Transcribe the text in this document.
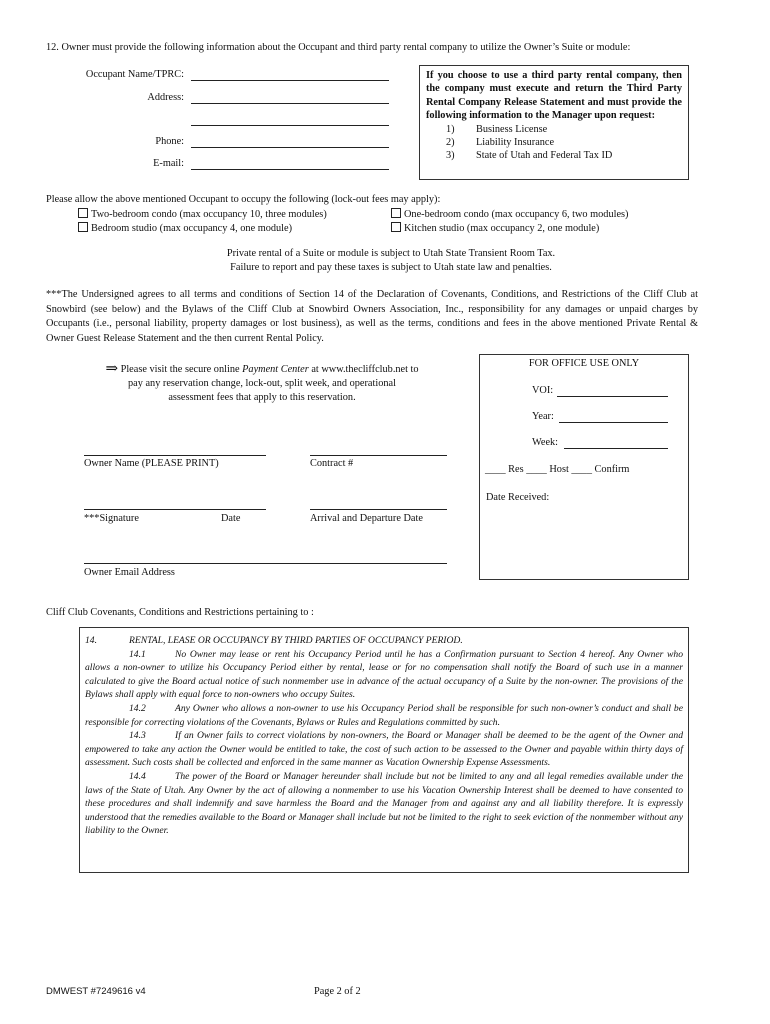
12. Owner must provide the following information about the Occupant and third party rental company to utilize the Owner’s Suite or module:
Occupant Name/TPRC:
Address:
Phone:
E-mail:
If you choose to use a third party rental company, then the company must execute and return the Third Party Rental Company Release Statement and must provide the following information to the Manager upon request:
1) Business License
2) Liability Insurance
3) State of Utah and Federal Tax ID
Please allow the above mentioned Occupant to occupy the following (lock-out fees may apply):
Two-bedroom condo (max occupancy 10, three modules)	One-bedroom condo (max occupancy 6, two modules)
Bedroom studio (max occupancy 4, one module)	Kitchen studio (max occupancy 2, one module)
Private rental of a Suite or module is subject to Utah State Transient Room Tax.
Failure to report and pay these taxes is subject to Utah state law and penalties.
***The Undersigned agrees to all terms and conditions of Section 14 of the Declaration of Covenants, Conditions, and Restrictions of the Cliff Club at Snowbird (see below) and the Bylaws of the Cliff Club at Snowbird Owners Association, Inc., responsibility for any damages or unpaid charges by Occupants (i.e., personal liability, property damages or lost business), as well as the terms, conditions and fees in the above mentioned Private Rental & Owner Guest Release Statement and the then current Rental Policy.
⇒ Please visit the secure online Payment Center at www.thecliffclub.net to
pay any reservation change, lock-out, split week, and operational
assessment fees that apply to this reservation.
Owner Name (PLEASE PRINT)	Contract #
***Signature	Date	Arrival and Departure Date
Owner Email Address
FOR OFFICE USE ONLY
VOI:
Year:
Week:
____ Res ____ Host ____ Confirm
Date Received:
Cliff Club Covenants, Conditions and Restrictions pertaining to :

14.	RENTAL, LEASE OR OCCUPANCY BY THIRD PARTIES OF OCCUPANCY PERIOD.

14.1	No Owner may lease or rent his Occupancy Period until he has a Confirmation pursuant to Section 4 hereof. Any Owner who allows a non-owner to utilize his Occupancy Period either by rental, lease or for no compensation shall notify the Board of such use in a manner calculated to give the Board actual notice of such nonmember use in advance of the actual occupancy of a Suite by the non-owner. The provisions of the Bylaws shall apply with equal force to non-owners who occupy Suites.

14.2	Any Owner who allows a non-owner to use his Occupancy Period shall be responsible for such non-owner’s conduct and shall be responsible for correcting violations of the Covenants, Bylaws or Rules and Regulations committed by such.

14.3	If an Owner fails to correct violations by non-owners, the Board or Manager shall be deemed to be the agent of the Owner and empowered to take any action the Owner would be entitled to take, the cost of such action to be assessed to the Owner and payable within thirty days of assessment. Such costs shall be collected and enforced in the same manner as Vacation Ownership Expense Assessments.

14.4	The power of the Board or Manager hereunder shall include but not be limited to any and all legal remedies available under the laws of the State of Utah. Any Owner by the act of allowing a nonmember to use his Vacation Ownership Interest shall be deemed to have consented to these procedures and shall indemnify and save harmless the Board and the Manager from and against any and all liability therefore. It is expressly understood that the remedies available to the Board or Manager shall include but not be limited to the right to seek eviction of the nonmember without any liability to the Owner.

DMWEST #7249616 v4	Page 2 of 2
